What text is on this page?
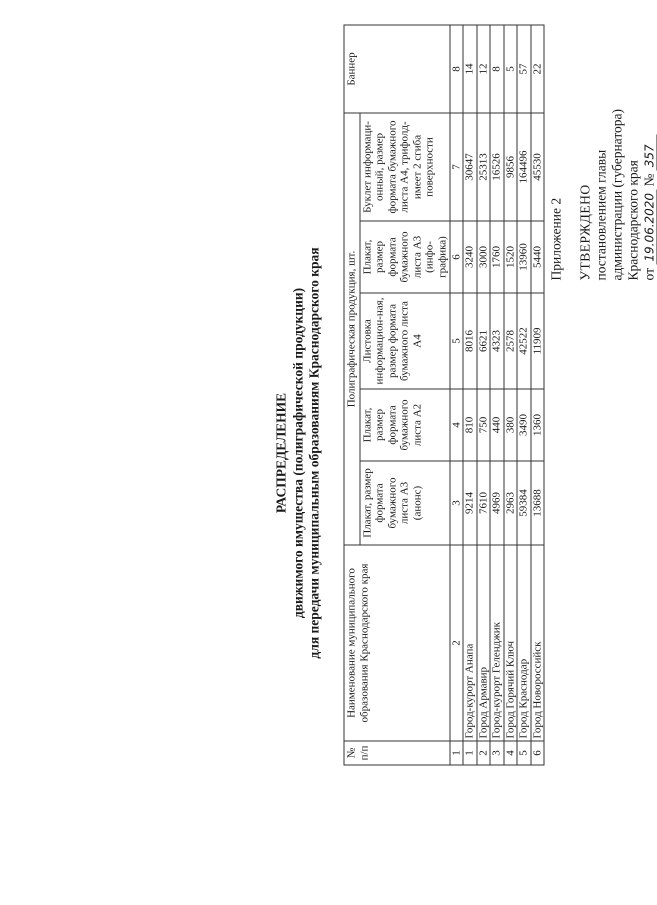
Приложение 2 УТВЕРЖДЕНО постановлением главы администрации (губернатора) Краснодарского края от 19.06.2020 № 357
РАСПРЕДЕЛЕНИЕ движимого имущества (полиграфической продукции) для передачи муниципальным образованиям Краснодарского края
№ п/п	Наименование муниципального образования Краснодарского края	Полиграфическая продукция, шт.					Баннер
		Плакат, размер формата бумажного листа А3 (анонс)	Плакат, размер формата бумажного листа А2	Листовка информацион-ная, размер формата бумажного листа А4	Плакат, размер формата бумажного листа А3 (инфо-графика)	Буклет информаци-онный, размер формата бумажного листа А4, трифолд-имеет 2 сгиба поверхности	
1	2	3	4	5	6	7	8
1	Город-курорт Анапа	9214	810	8016	3240	30647	14
2	Город Армавир	7610	750	6621	3000	25313	12
3	Город-курорт Геленджик	4969	440	4323	1760	16526	8
4	Город Горячий Ключ	2963	380	2578	1520	9856	5
5	Город Краснодар	59384	3490	42522	13960	164496	57
6	Город Новороссийск	13688	1360	11909	5440	45530	22
